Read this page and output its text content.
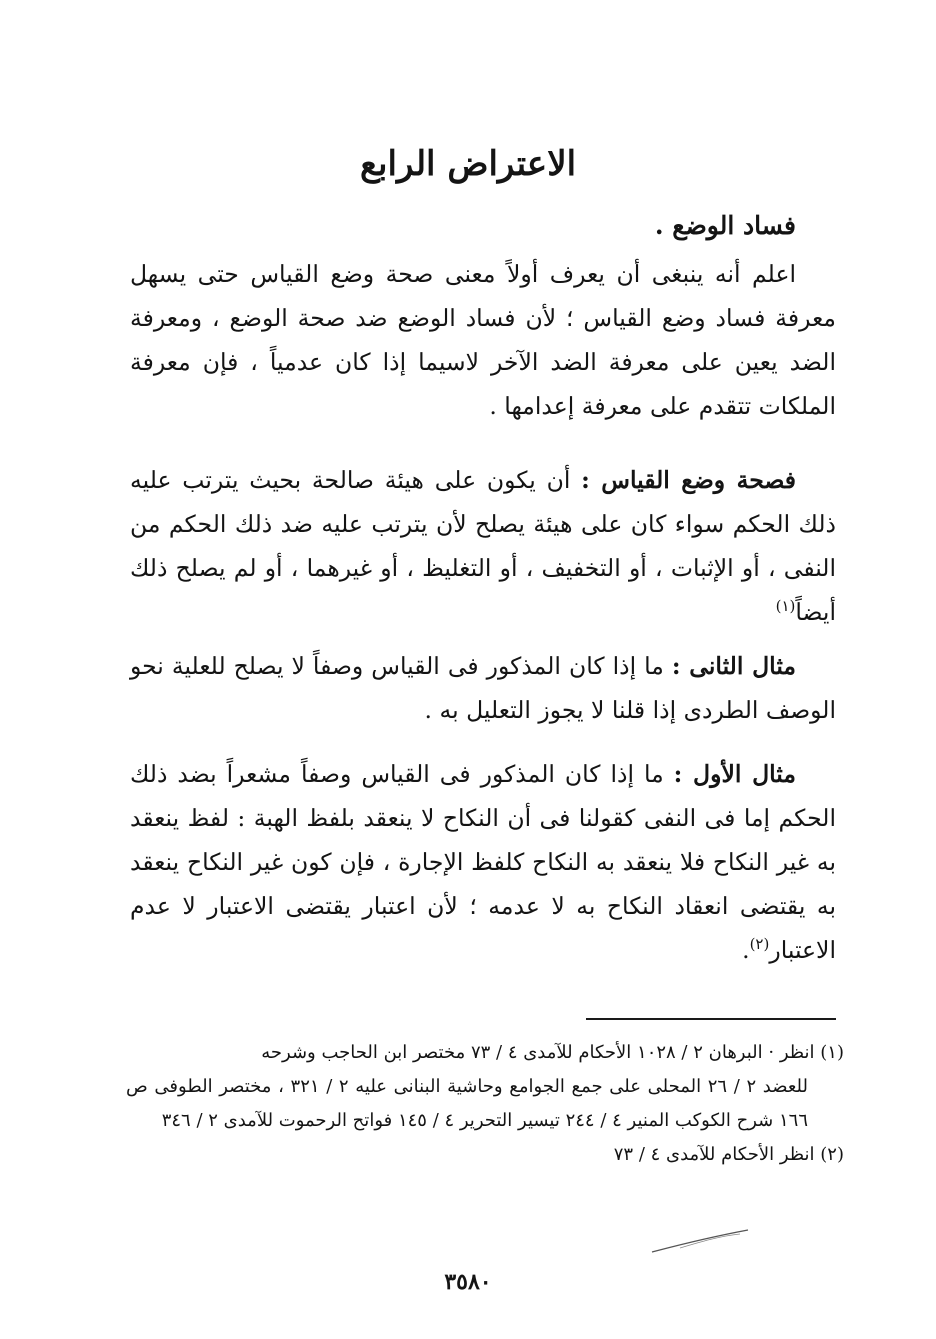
الاعتراض الرابع

فساد الوضع .

اعلم أنه ينبغى أن يعرف أولاً معنى صحة وضع القياس حتى يسهل معرفة فساد وضع القياس ؛ لأن فساد الوضع ضد صحة الوضع ، ومعرفة الضد يعين على معرفة الضد الآخر لاسيما إذا كان عدمياً ، فإن معرفة الملكات تتقدم على معرفة إعدامها .

فصحة وضع القياس : أن يكون على هيئة صالحة بحيث يترتب عليه ذلك الحكم سواء كان على هيئة يصلح لأن يترتب عليه ضد ذلك الحكم من النفى ، أو الإثبات ، أو التخفيف ، أو التغليظ ، أو غيرهما ، أو لم يصلح ذلك أيضاً$^{(١)}$

مثال الثانى : ما إذا كان المذكور فى القياس وصفاً لا يصلح للعلية نحو الوصف الطردى إذا قلنا لا يجوز التعليل به .

مثال الأول : ما إذا كان المذكور فى القياس وصفاً مشعراً بضد ذلك الحكم إما فى النفى كقولنا فى أن النكاح لا ينعقد بلفظ الهبة : لفظ ينعقد به غير النكاح فلا ينعقد به النكاح كلفظ الإجارة ، فإن كون غير النكاح ينعقد به يقتضى انعقاد النكاح به لا عدمه ؛ لأن اعتبار يقتضى الاعتبار لا عدم الاعتبار$^{(٢)}$.

(١) انظر · البرهان ٢ / ١٠٢٨ الأحكام للآمدى ٤ / ٧٣ مختصر ابن الحاجب وشرحه

للعضد ٢ / ٢٦ المحلى على جمع الجوامع وحاشية البنانى عليه ٢ / ٣٢١ ، مختصر الطوفى ص ١٦٦ شرح الكوكب المنير ٤ / ٢٤٤ تيسير التحرير ٤ / ١٤٥ فواتح الرحموت للآمدى ٢ / ٣٤٦

(٢) انظر الأحكام للآمدى ٤ / ٧٣

٣٥٨٠
